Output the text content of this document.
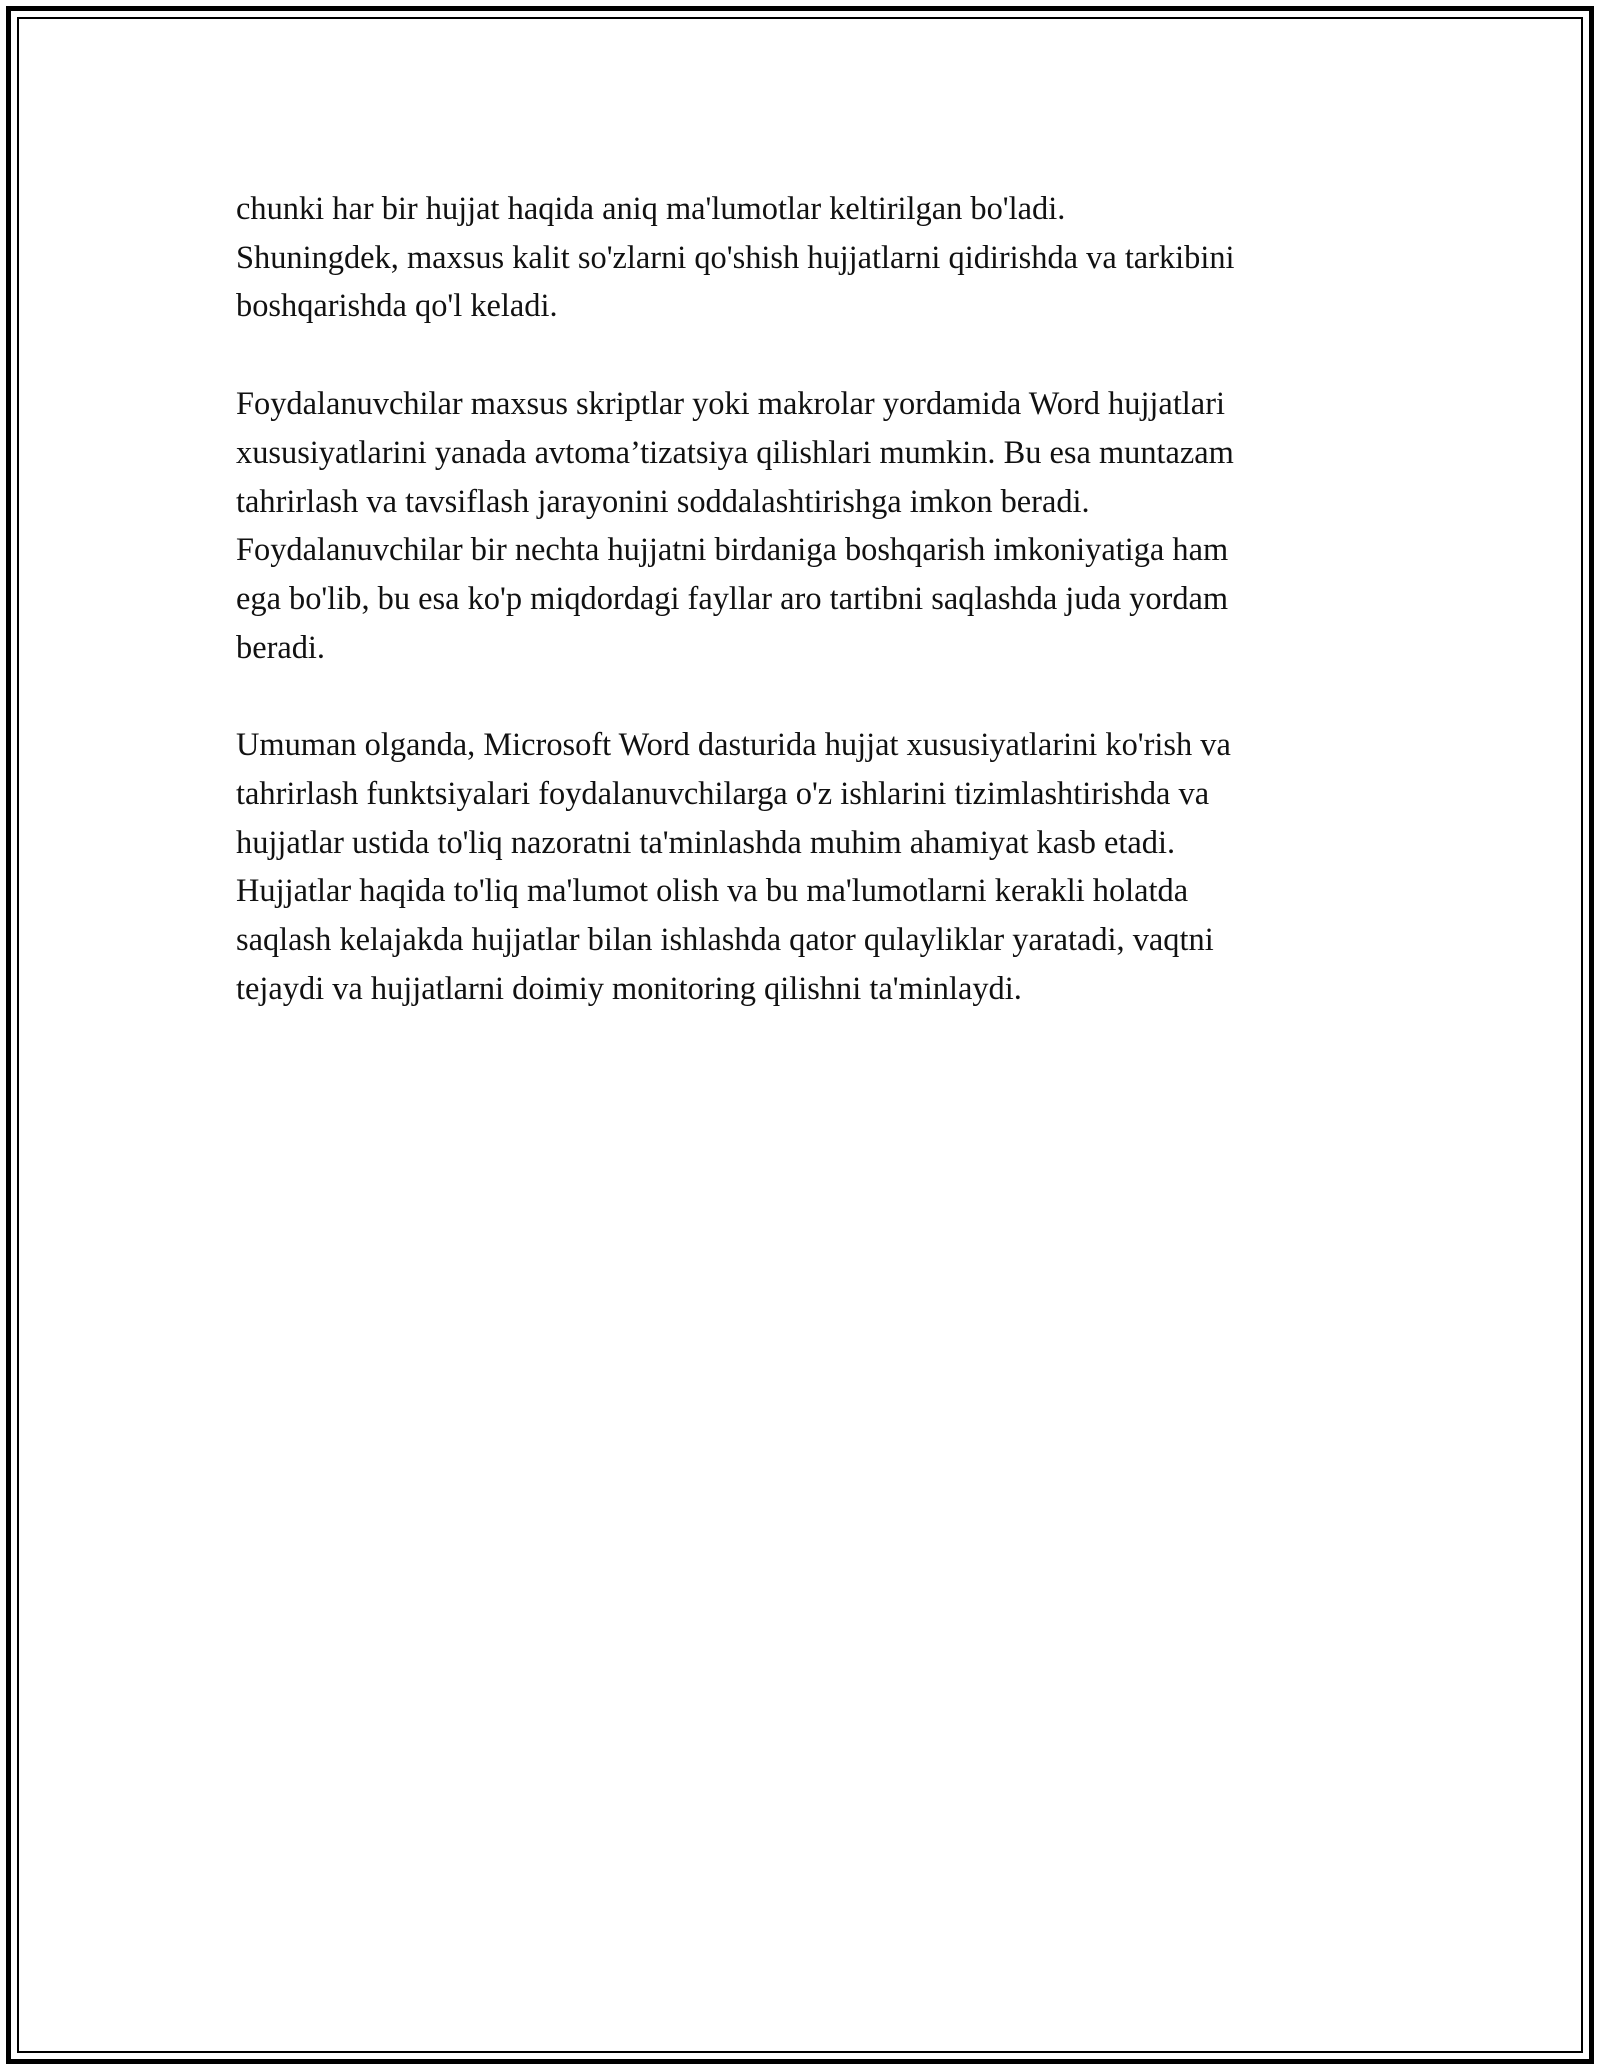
chunki har bir hujjat haqida aniq ma'lumotlar keltirilgan bo'ladi.
Shuningdek, maxsus kalit so'zlarni qo'shish hujjatlarni qidirishda va tarkibini
boshqarishda qo'l keladi.

Foydalanuvchilar maxsus skriptlar yoki makrolar yordamida Word hujjatlari
xususiyatlarini yanada avtoma’tizatsiya qilishlari mumkin. Bu esa muntazam
tahrirlash va tavsiflash jarayonini soddalashtirishga imkon beradi.
Foydalanuvchilar bir nechta hujjatni birdaniga boshqarish imkoniyatiga ham
ega bo'lib, bu esa ko'p miqdordagi fayllar aro tartibni saqlashda juda yordam
beradi.

Umuman olganda, Microsoft Word dasturida hujjat xususiyatlarini ko'rish va
tahrirlash funktsiyalari foydalanuvchilarga o'z ishlarini tizimlashtirishda va
hujjatlar ustida to'liq nazoratni ta'minlashda muhim ahamiyat kasb etadi.
Hujjatlar haqida to'liq ma'lumot olish va bu ma'lumotlarni kerakli holatda
saqlash kelajakda hujjatlar bilan ishlashda qator qulayliklar yaratadi, vaqtni
tejaydi va hujjatlarni doimiy monitoring qilishni ta'minlaydi.
